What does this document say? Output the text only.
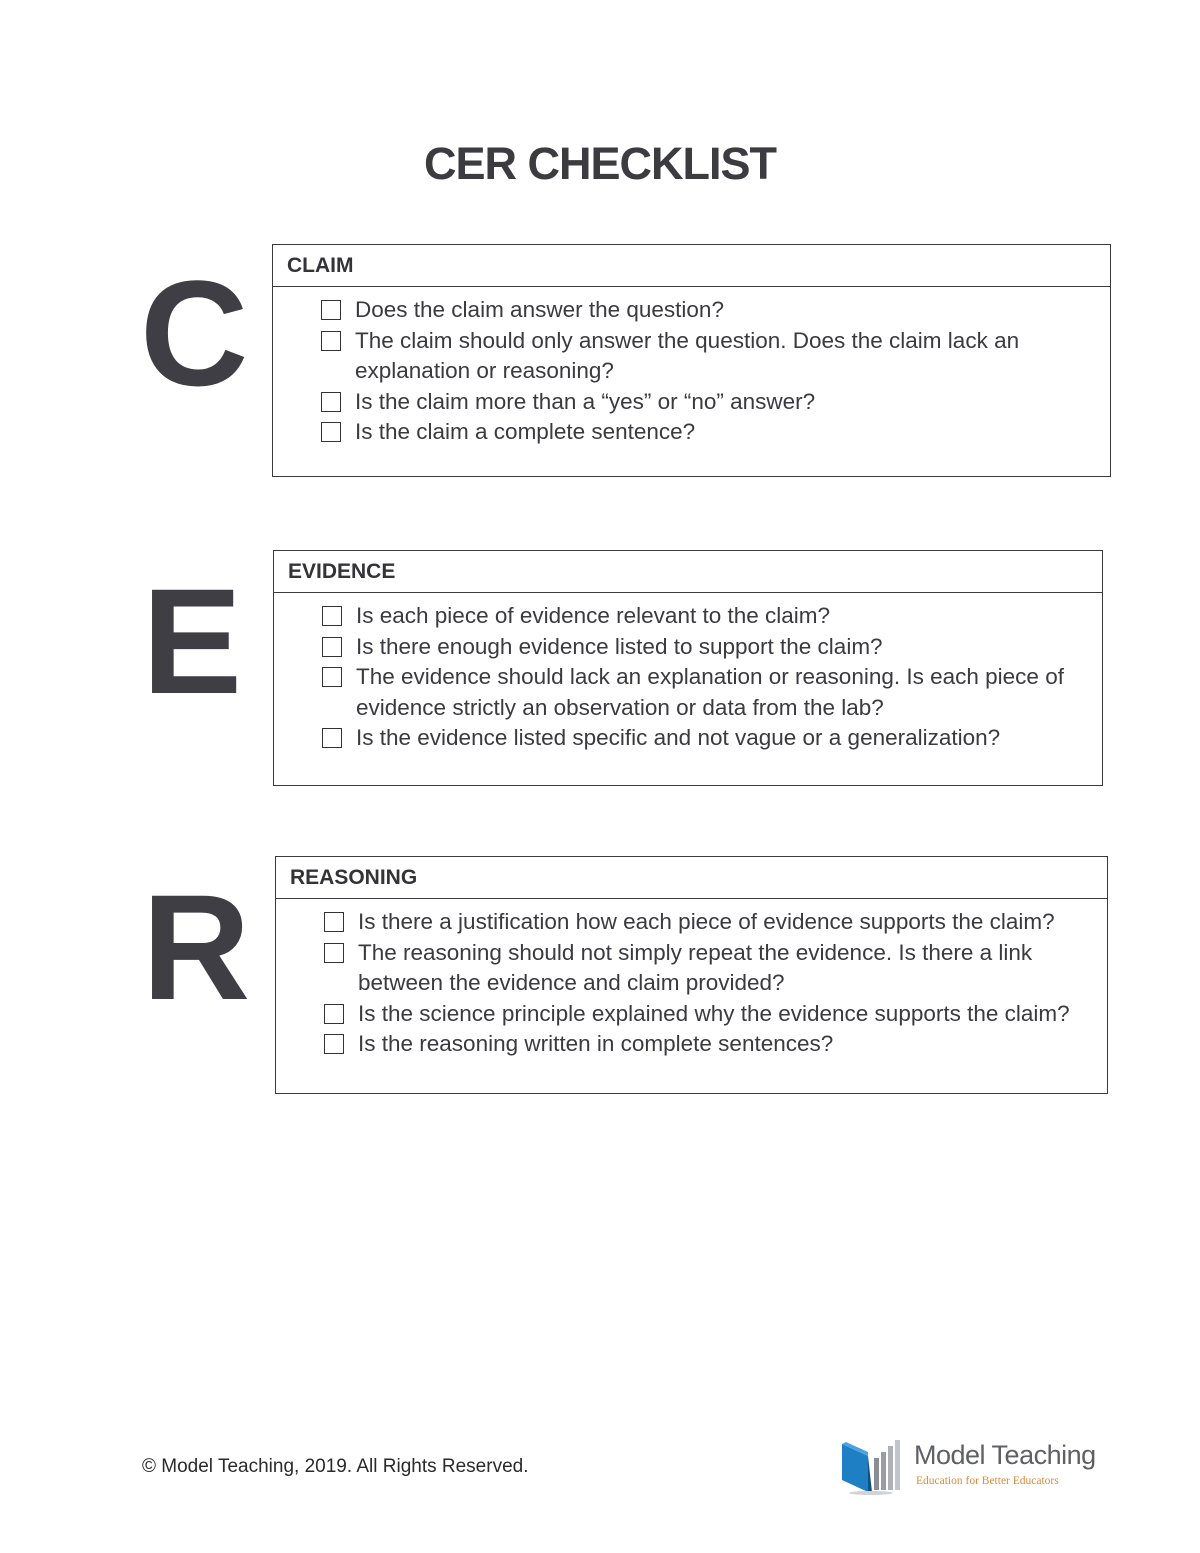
CER CHECKLIST
C	CLAIM
Does the claim answer the question?
The claim should only answer the question. Does the claim lack an explanation or reasoning?
Is the claim more than a “yes” or “no” answer?
Is the claim a complete sentence?
E	EVIDENCE
Is each piece of evidence relevant to the claim?
Is there enough evidence listed to support the claim?
The evidence should lack an explanation or reasoning. Is each piece of evidence strictly an observation or data from the lab?
Is the evidence listed specific and not vague or a generalization?
R	REASONING
Is there a justification how each piece of evidence supports the claim?
The reasoning should not simply repeat the evidence. Is there a link between the evidence and claim provided?
Is the science principle explained why the evidence supports the claim?
Is the reasoning written in complete sentences?
© Model Teaching, 2019. All Rights Reserved.	Model Teaching
Education for Better Educators
